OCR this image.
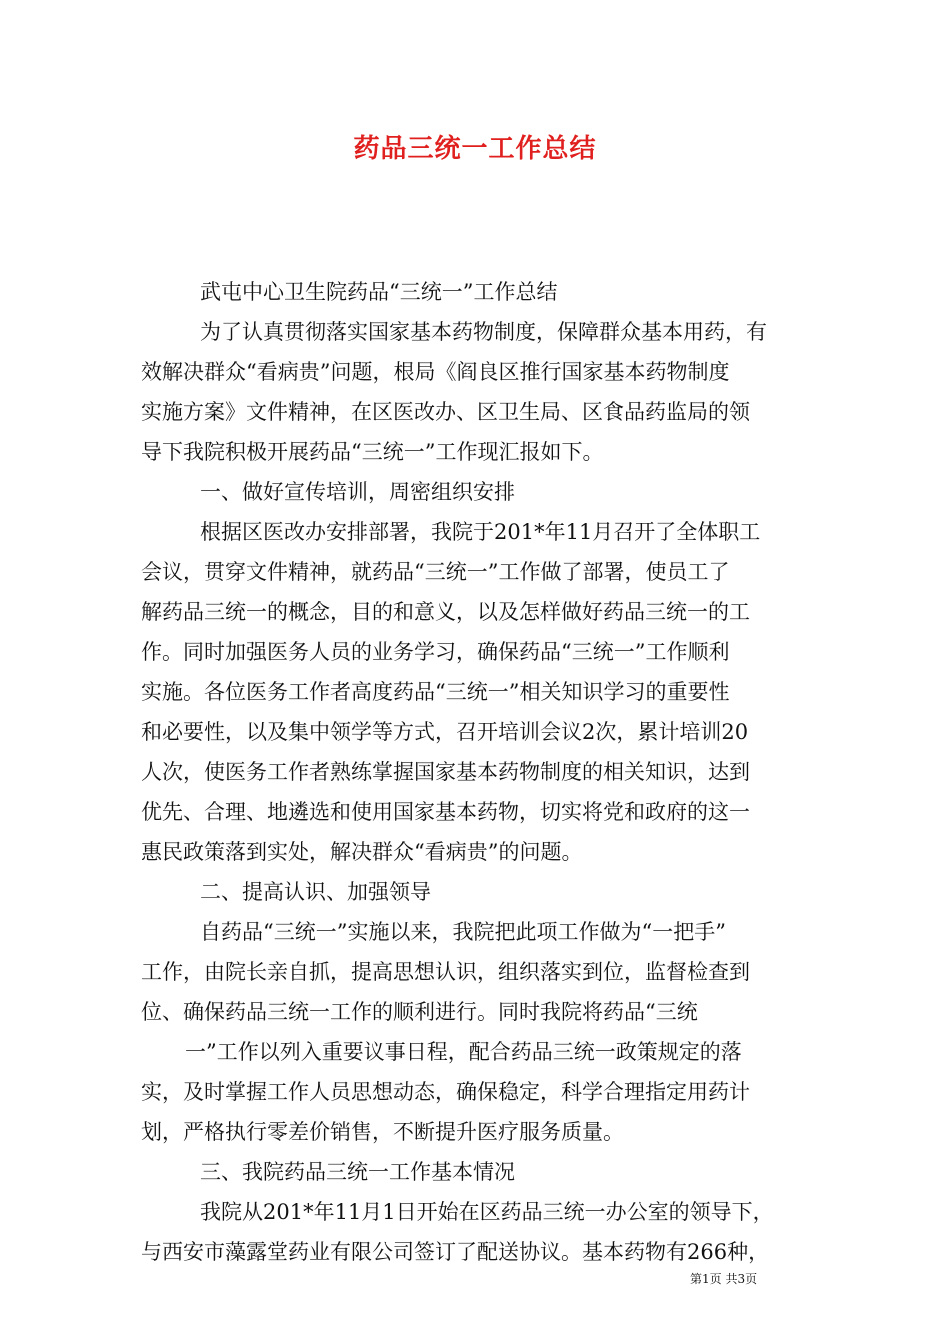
药品三统一工作总结
武屯中心卫生院药品“三统一”工作总结
为了认真贯彻落实国家基本药物制度，保障群众基本用药，有
效解决群众“看病贵”问题，根局《阎良区推行国家基本药物制度
实施方案》文件精神，在区医改办、区卫生局、区食品药监局的领
导下我院积极开展药品“三统一”工作现汇报如下。
一、做好宣传培训，周密组织安排
根据区医改办安排部署，我院于201*年11月召开了全体职工
会议，贯穿文件精神，就药品“三统一”工作做了部署，使员工了
解药品三统一的概念，目的和意义，以及怎样做好药品三统一的工
作。同时加强医务人员的业务学习，确保药品“三统一”工作顺利
实施。各位医务工作者高度药品“三统一”相关知识学习的重要性
和必要性，以及集中领学等方式，召开培训会议2次，累计培训20
人次，使医务工作者熟练掌握国家基本药物制度的相关知识，达到
优先、合理、地遴选和使用国家基本药物，切实将党和政府的这一
惠民政策落到实处，解决群众“看病贵”的问题。
二、提高认识、加强领导
自药品“三统一”实施以来，我院把此项工作做为“一把手”
工作，由院长亲自抓，提高思想认识，组织落实到位，监督检查到
位、确保药品三统一工作的顺利进行。同时我院将药品“三统
一”工作以列入重要议事日程，配合药品三统一政策规定的落
实，及时掌握工作人员思想动态，确保稳定，科学合理指定用药计
划，严格执行零差价销售，不断提升医疗服务质量。
三、我院药品三统一工作基本情况
我院从201*年11月1日开始在区药品三统一办公室的领导下，
与西安市藻露堂药业有限公司签订了配送协议。基本药物有266种，
第1页 共3页
